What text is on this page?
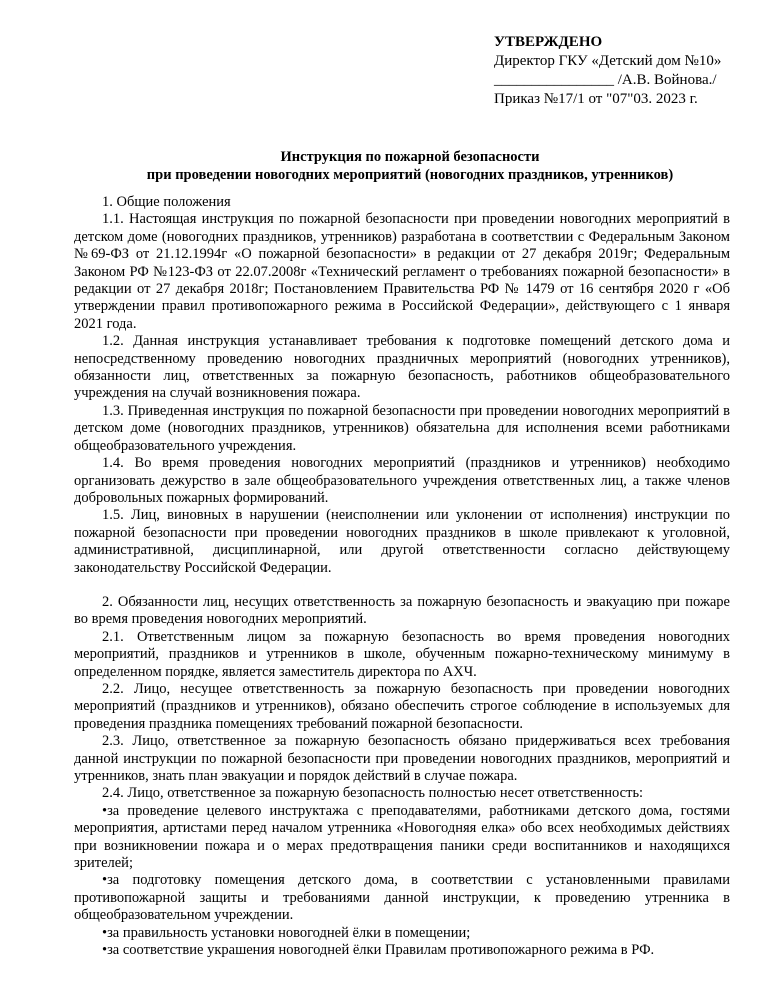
УТВЕРЖДЕНО
Директор ГКУ «Детский дом №10»
________________ /А.В. Войнова./
Приказ №17/1 от "07"03. 2023 г.
Инструкция по пожарной безопасности
при проведении новогодних мероприятий (новогодних праздников, утренников)

1. Общие положения

1.1. Настоящая инструкция по пожарной безопасности при проведении новогодних мероприятий в детском доме (новогодних праздников, утренников) разработана в соответствии с Федеральным Законом №69-ФЗ от 21.12.1994г «О пожарной безопасности» в редакции от 27 декабря 2019г; Федеральным Законом РФ №123-ФЗ от 22.07.2008г «Технический регламент о требованиях пожарной безопасности» в редакции от 27 декабря 2018г; Постановлением Правительства РФ № 1479 от 16 сентября 2020 г «Об утверждении правил противопожарного режима в Российской Федерации», действующего с 1 января 2021 года.

1.2. Данная инструкция устанавливает требования к подготовке помещений детского дома и непосредственному проведению новогодних праздничных мероприятий (новогодних утренников), обязанности лиц, ответственных за пожарную безопасность, работников общеобразовательного учреждения на случай возникновения пожара.

1.3. Приведенная инструкция по пожарной безопасности при проведении новогодних мероприятий в детском доме (новогодних праздников, утренников) обязательна для исполнения всеми работниками общеобразовательного учреждения.

1.4. Во время проведения новогодних мероприятий (праздников и утренников) необходимо организовать дежурство в зале общеобразовательного учреждения ответственных лиц, а также членов добровольных пожарных формирований.

1.5. Лиц, виновных в нарушении (неисполнении или уклонении от исполнения) инструкции по пожарной безопасности при проведении новогодних праздников в школе привлекают к уголовной, административной, дисциплинарной, или другой ответственности согласно действующему законодательству Российской Федерации.

2. Обязанности лиц, несущих ответственность за пожарную безопасность и эвакуацию при пожаре во время проведения новогодних мероприятий.

2.1. Ответственным лицом за пожарную безопасность во время проведения новогодних мероприятий, праздников и утренников в школе, обученным пожарно-техническому минимуму в определенном порядке, является заместитель директора по АХЧ.

2.2. Лицо, несущее ответственность за пожарную безопасность при проведении новогодних мероприятий (праздников и утренников), обязано обеспечить строгое соблюдение в используемых для проведения праздника помещениях требований пожарной безопасности.

2.3. Лицо, ответственное за пожарную безопасность обязано придерживаться всех требования данной инструкции по пожарной безопасности при проведении новогодних праздников, мероприятий и утренников, знать план эвакуации и порядок действий в случае пожара.

2.4. Лицо, ответственное за пожарную безопасность полностью несет ответственность:

•за проведение целевого инструктажа с преподавателями, работниками детского дома, гостями мероприятия, артистами перед началом утренника «Новогодняя елка» обо всех необходимых действиях при возникновении пожара и о мерах предотвращения паники среди воспитанников и находящихся зрителей;

•за подготовку помещения детского дома, в соответствии с установленными правилами противопожарной защиты и требованиями данной инструкции, к проведению утренника в общеобразовательном учреждении.

•за правильность установки новогодней ёлки в помещении;

•за соответствие украшения новогодней ёлки Правилам противопожарного режима в РФ.
